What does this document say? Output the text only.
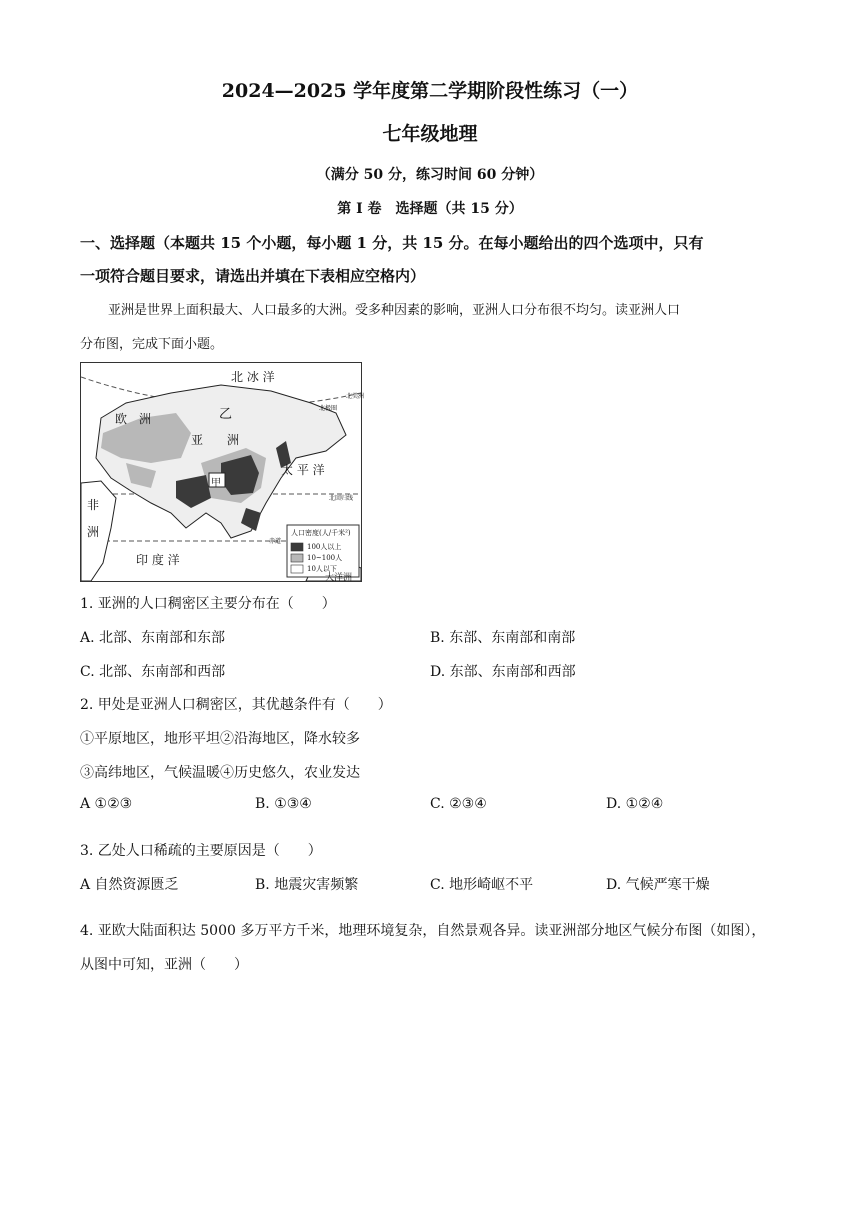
2024—2025 学年度第二学期阶段性练习（一）
七年级地理
（满分 50 分，练习时间 60 分钟）
第 Ⅰ 卷　选择题（共 15 分）
一、选择题（本题共 15 个小题，每小题 1 分，共 15 分。在每小题给出的四个选项中，只有
一项符合题目要求，请选出并填在下表相应空格内）
亚洲是世界上面积最大、人口最多的大洲。受多种因素的影响，亚洲人口分布很不均匀。读亚洲人口
分布图，完成下面小题。
北 冰 洋
欧　洲	乙
亚　　洲
太 平 洋
甲
非
洲
印 度 洋
北极圈
北回归线
赤道
大洋洲
北美洲
人口密度(人/千米²)
100人以上
10~100人
10人以下
1. 亚洲的人口稠密区主要分布在（　　）
A. 北部、东南部和东部	B. 东部、东南部和南部
C. 北部、东南部和西部	D. 东部、东南部和西部
2. 甲处是亚洲人口稠密区，其优越条件有（　　）
①平原地区，地形平坦②沿海地区，降水较多
③高纬地区，气候温暖④历史悠久，农业发达
A ①②③	B. ①③④	C. ②③④	D. ①②④
3. 乙处人口稀疏的主要原因是（　　）
A 自然资源匮乏	B. 地震灾害频繁	C. 地形崎岖不平	D. 气候严寒干燥
4. 亚欧大陆面积达 5000 多万平方千米，地理环境复杂，自然景观各异。读亚洲部分地区气候分布图（如图），
从图中可知，亚洲（　　）
